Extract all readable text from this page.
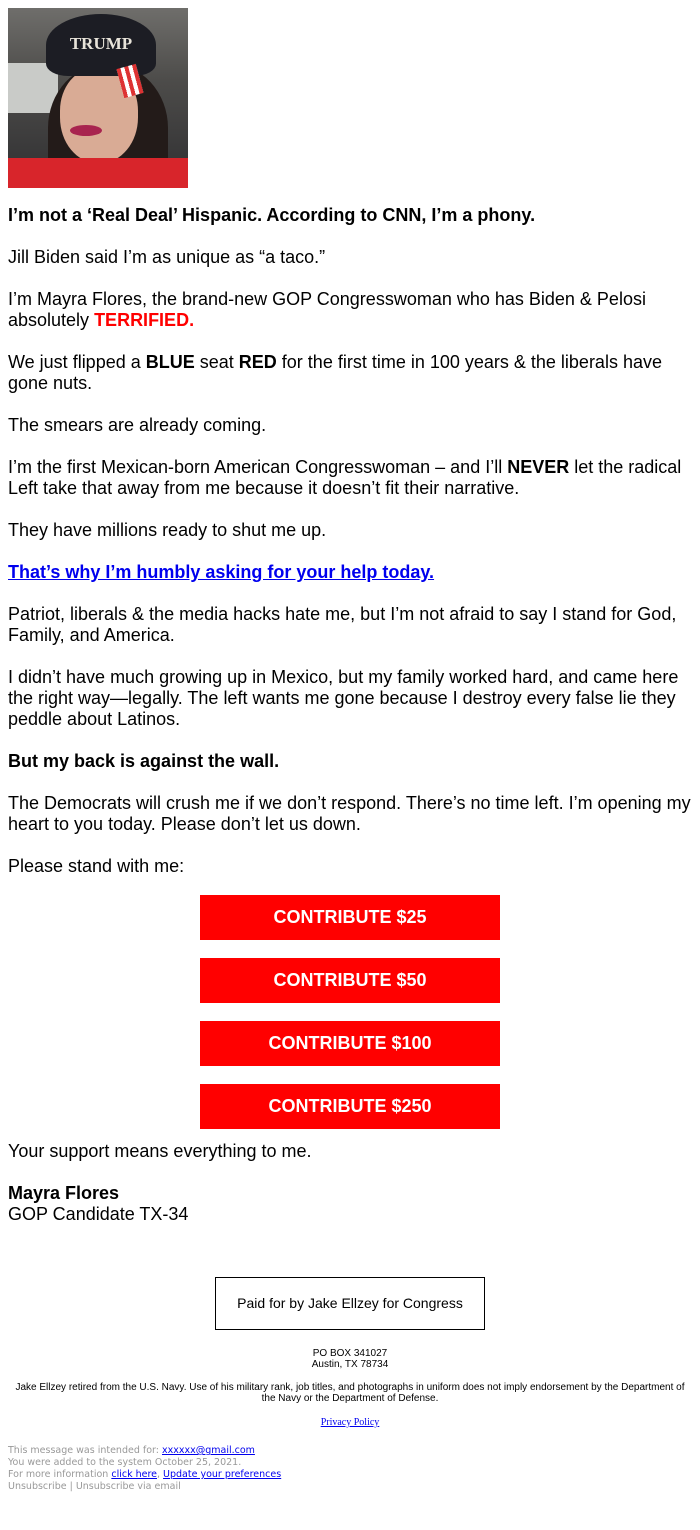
TRUMP

I’m not a ‘Real Deal’ Hispanic. According to CNN, I’m a phony.

Jill Biden said I’m as unique as “a taco.”

I’m Mayra Flores, the brand-new GOP Congresswoman who has Biden & Pelosi absolutely TERRIFIED.

We just flipped a BLUE seat RED for the first time in 100 years & the liberals have gone nuts.

The smears are already coming.

I’m the first Mexican-born American Congresswoman – and I’ll NEVER let the radical Left take that away from me because it doesn’t fit their narrative.

They have millions ready to shut me up.

That’s why I’m humbly asking for your help today.

Patriot, liberals & the media hacks hate me, but I’m not afraid to say I stand for God, Family, and America.

I didn’t have much growing up in Mexico, but my family worked hard, and came here the right way—legally. The left wants me gone because I destroy every false lie they peddle about Latinos.

But my back is against the wall.

The Democrats will crush me if we don’t respond. There’s no time left. I’m opening my heart to you today. Please don’t let us down.

Please stand with me:

CONTRIBUTE $25
CONTRIBUTE $50
CONTRIBUTE $100
CONTRIBUTE $250

Your support means everything to me.

Mayra Flores
GOP Candidate TX-34
Paid for by Jake Ellzey for Congress
PO BOX 341027
Austin, TX 78734
Jake Ellzey retired from the U.S. Navy. Use of his military rank, job titles, and photographs in uniform does not imply endorsement by the Department of the Navy or the Department of Defense.
Privacy Policy
This message was intended for: xxxxxx@gmail.com
You were added to the system October 25, 2021.
For more information click here, Update your preferences
Unsubscribe | Unsubscribe via email
